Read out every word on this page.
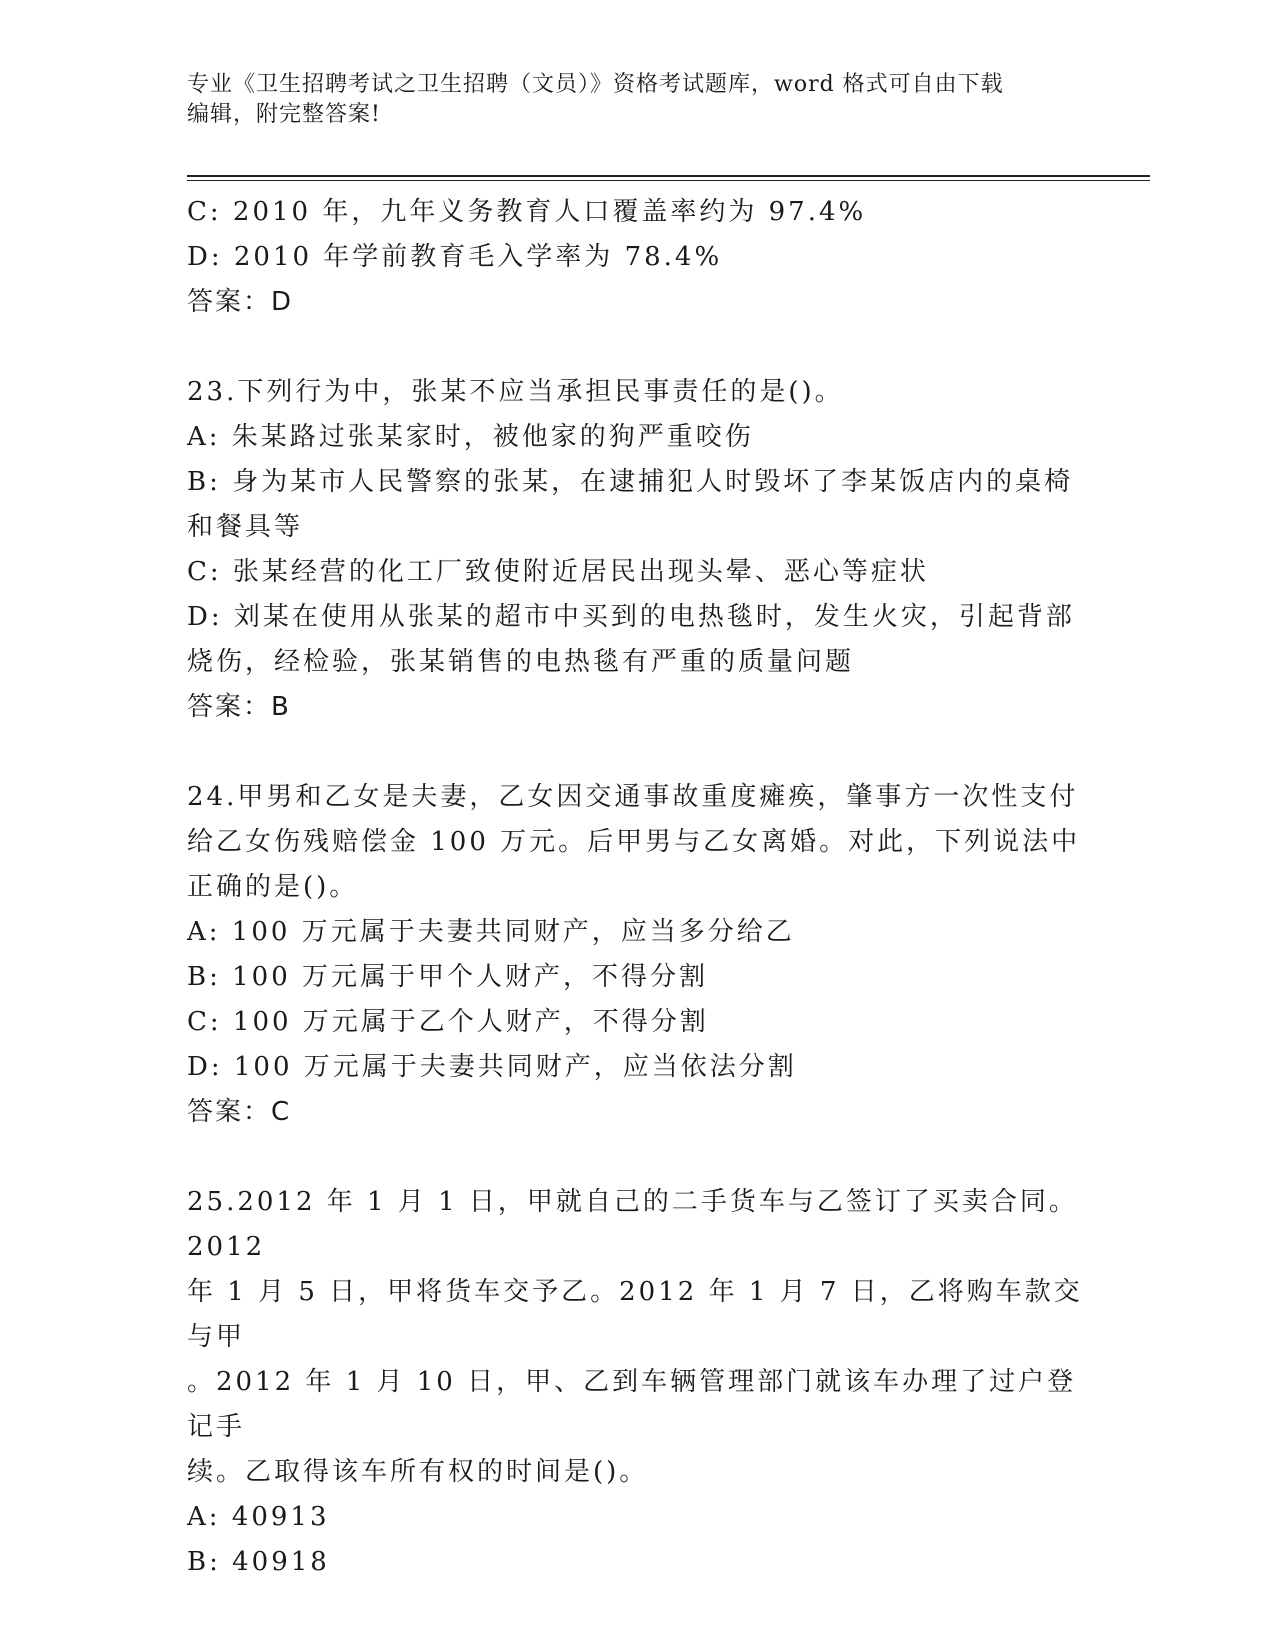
专业《卫生招聘考试之卫生招聘（文员）》资格考试题库，word 格式可自由下载
编辑，附完整答案!

C: 2010 年，九年义务教育人口覆盖率约为 97.4%

D: 2010 年学前教育毛入学率为 78.4%

答案：D

23.下列行为中，张某不应当承担民事责任的是()。

A: 朱某路过张某家时，被他家的狗严重咬伤

B: 身为某市人民警察的张某，在逮捕犯人时毁坏了李某饭店内的桌椅

和餐具等

C: 张某经营的化工厂致使附近居民出现头晕、恶心等症状

D: 刘某在使用从张某的超市中买到的电热毯时，发生火灾，引起背部

烧伤，经检验，张某销售的电热毯有严重的质量问题

答案：B

24.甲男和乙女是夫妻，乙女因交通事故重度瘫痪，肇事方一次性支付

给乙女伤残赔偿金 100 万元。后甲男与乙女离婚。对此，下列说法中

正确的是()。

A: 100 万元属于夫妻共同财产，应当多分给乙

B: 100 万元属于甲个人财产，不得分割

C: 100 万元属于乙个人财产，不得分割

D: 100 万元属于夫妻共同财产，应当依法分割

答案：C

25.2012 年 1 月 1 日，甲就自己的二手货车与乙签订了买卖合同。2012

年 1 月 5 日，甲将货车交予乙。2012 年 1 月 7 日，乙将购车款交与甲

。2012 年 1 月 10 日，甲、乙到车辆管理部门就该车办理了过户登记手

续。乙取得该车所有权的时间是()。

A: 40913

B: 40918
